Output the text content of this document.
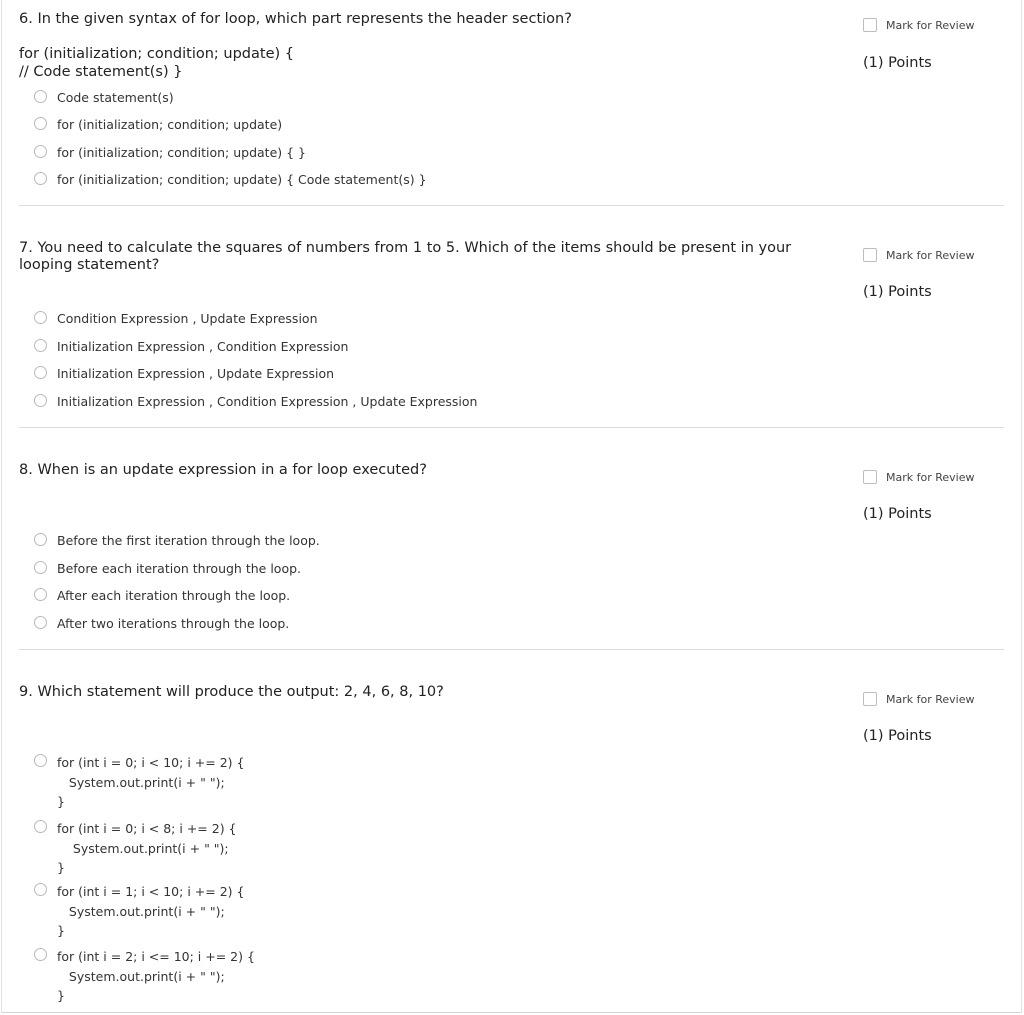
6. In the given syntax of for loop, which part represents the header section?
for (initialization; condition; update) {
// Code statement(s) }
Mark for Review
(1) Points
Code statement(s)
for (initialization; condition; update)
for (initialization; condition; update) { }
for (initialization; condition; update) { Code statement(s) }
7. You need to calculate the squares of numbers from 1 to 5. Which of the items should be present in your looping statement?
Mark for Review
(1) Points
Condition Expression , Update Expression
Initialization Expression , Condition Expression
Initialization Expression , Update Expression
Initialization Expression , Condition Expression , Update Expression
8. When is an update expression in a for loop executed?	Mark for Review
(1) Points
Before the first iteration through the loop.
Before each iteration through the loop.
After each iteration through the loop.
After two iterations through the loop.
9. Which statement will produce the output: 2, 4, 6, 8, 10?	Mark for Review
(1) Points
for (int i = 0; i < 10; i += 2) {
System.out.print(i + " ");
}
for (int i = 0; i < 8; i += 2) {
System.out.print(i + " ");
}
for (int i = 1; i < 10; i += 2) {
System.out.print(i + " ");
}
for (int i = 2; i <= 10; i += 2) {
System.out.print(i + " ");
}
